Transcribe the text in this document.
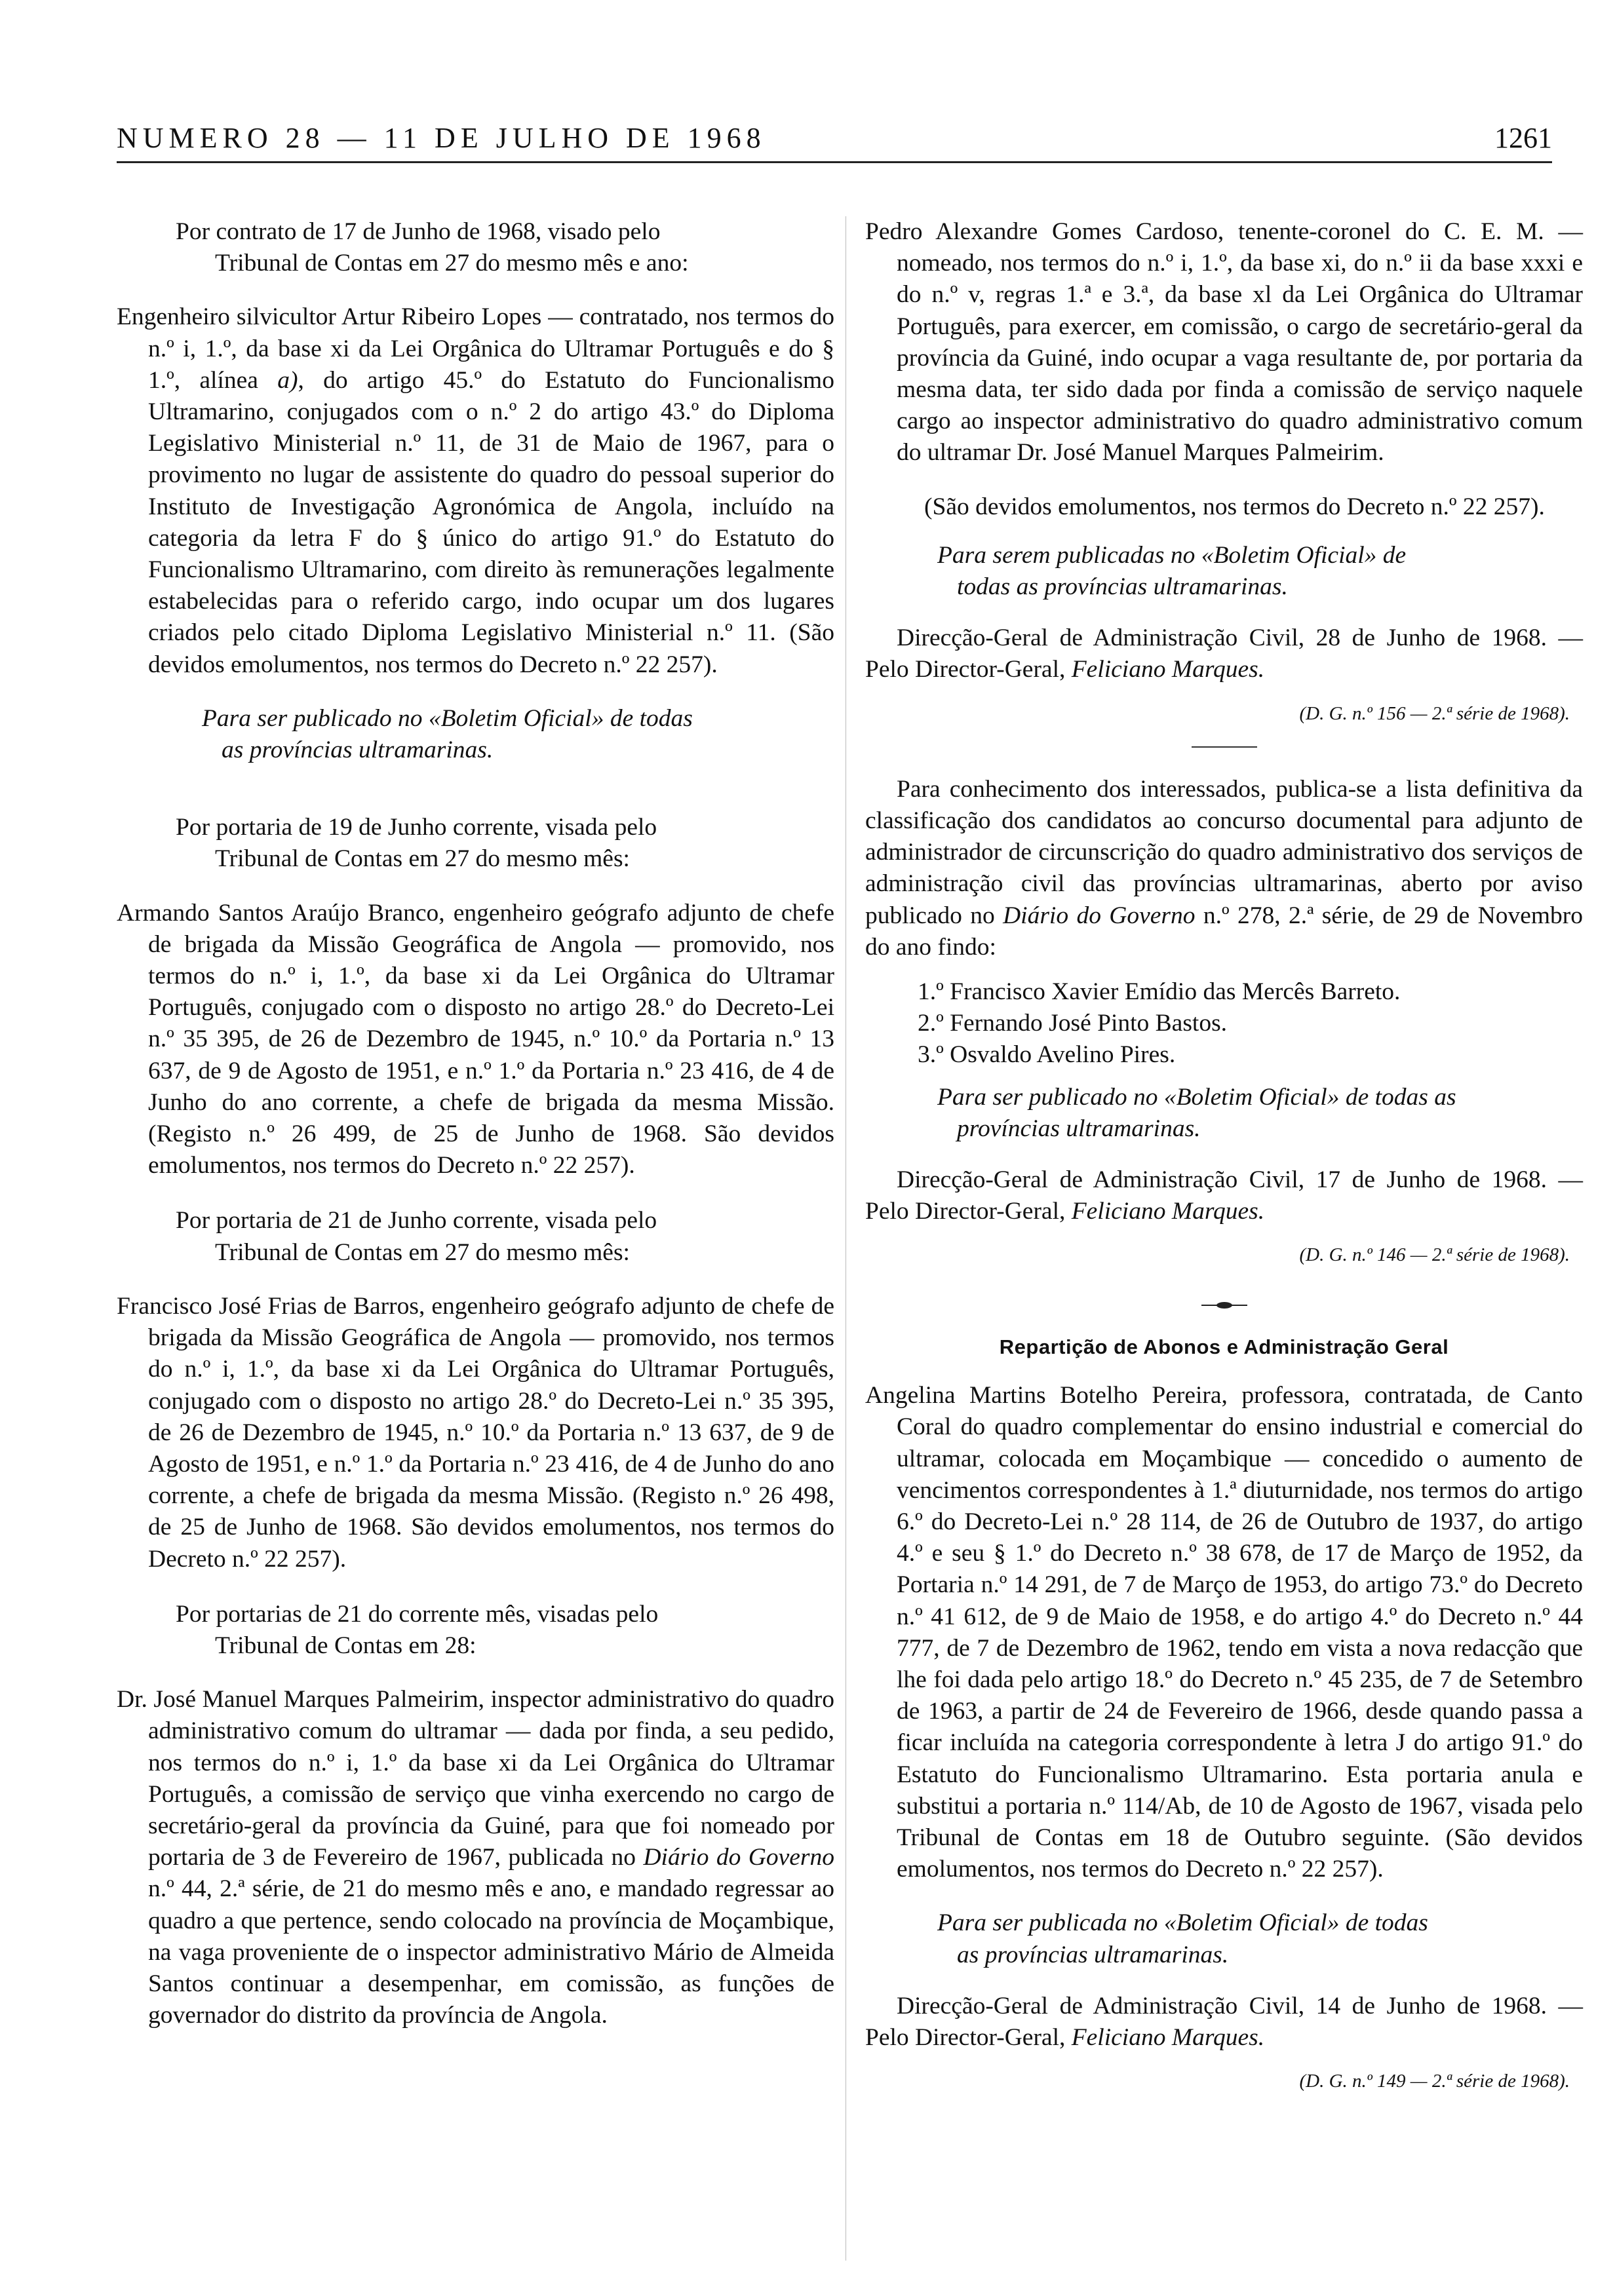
NUMERO 28 — 11 DE JULHO DE 1968	1261

Por contrato de 17 de Junho de 1968, visado pelo
Tribunal de Contas em 27 do mesmo mês e ano:

Engenheiro silvicultor Artur Ribeiro Lopes — contratado, nos termos do n.º i, 1.º, da base xi da Lei Orgânica do Ultramar Português e do § 1.º, alínea a), do artigo 45.º do Estatuto do Funcionalismo Ultramarino, conjugados com o n.º 2 do artigo 43.º do Diploma Legislativo Ministerial n.º 11, de 31 de Maio de 1967, para o provimento no lugar de assistente do quadro do pessoal superior do Instituto de Investigação Agronómica de Angola, incluído na categoria da letra F do § único do artigo 91.º do Estatuto do Funcionalismo Ultramarino, com direito às remunerações legalmente estabelecidas para o referido cargo, indo ocupar um dos lugares criados pelo citado Diploma Legislativo Ministerial n.º 11. (São devidos emolumentos, nos termos do Decreto n.º 22 257).

Para ser publicado no «Boletim Oficial» de todas
as províncias ultramarinas.

Por portaria de 19 de Junho corrente, visada pelo
Tribunal de Contas em 27 do mesmo mês:

Armando Santos Araújo Branco, engenheiro geógrafo adjunto de chefe de brigada da Missão Geográfica de Angola — promovido, nos termos do n.º i, 1.º, da base xi da Lei Orgânica do Ultramar Português, conjugado com o disposto no artigo 28.º do Decreto-Lei n.º 35 395, de 26 de Dezembro de 1945, n.º 10.º da Portaria n.º 13 637, de 9 de Agosto de 1951, e n.º 1.º da Portaria n.º 23 416, de 4 de Junho do ano corrente, a chefe de brigada da mesma Missão. (Registo n.º 26 499, de 25 de Junho de 1968. São devidos emolumentos, nos termos do Decreto n.º 22 257).

Por portaria de 21 de Junho corrente, visada pelo
Tribunal de Contas em 27 do mesmo mês:

Francisco José Frias de Barros, engenheiro geógrafo adjunto de chefe de brigada da Missão Geográfica de Angola — promovido, nos termos do n.º i, 1.º, da base xi da Lei Orgânica do Ultramar Português, conjugado com o disposto no artigo 28.º do Decreto-Lei n.º 35 395, de 26 de Dezembro de 1945, n.º 10.º da Portaria n.º 13 637, de 9 de Agosto de 1951, e n.º 1.º da Portaria n.º 23 416, de 4 de Junho do ano corrente, a chefe de brigada da mesma Missão. (Registo n.º 26 498, de 25 de Junho de 1968. São devidos emolumentos, nos termos do Decreto n.º 22 257).

Por portarias de 21 do corrente mês, visadas pelo
Tribunal de Contas em 28:

Dr. José Manuel Marques Palmeirim, inspector administrativo do quadro administrativo comum do ultramar — dada por finda, a seu pedido, nos termos do n.º i, 1.º da base xi da Lei Orgânica do Ultramar Português, a comissão de serviço que vinha exercendo no cargo de secretário-geral da província da Guiné, para que foi nomeado por portaria de 3 de Fevereiro de 1967, publicada no Diário do Governo n.º 44, 2.ª série, de 21 do mesmo mês e ano, e mandado regressar ao quadro a que pertence, sendo colocado na província de Moçambique, na vaga proveniente de o inspector administrativo Mário de Almeida Santos continuar a desempenhar, em comissão, as funções de governador do distrito da província de Angola.

Pedro Alexandre Gomes Cardoso, tenente-coronel do C. E. M. — nomeado, nos termos do n.º i, 1.º, da base xi, do n.º ii da base xxxi e do n.º v, regras 1.ª e 3.ª, da base xl da Lei Orgânica do Ultramar Português, para exercer, em comissão, o cargo de secretário-geral da província da Guiné, indo ocupar a vaga resultante de, por portaria da mesma data, ter sido dada por finda a comissão de serviço naquele cargo ao inspector administrativo do quadro administrativo comum do ultramar Dr. José Manuel Marques Palmeirim.

(São devidos emolumentos, nos termos do Decreto n.º 22 257).

Para serem publicadas no «Boletim Oficial» de
todas as províncias ultramarinas.

Direcção-Geral de Administração Civil, 28 de Junho de 1968. — Pelo Director-Geral, Feliciano Marques.

(D. G. n.º 156 — 2.ª série de 1968).

Para conhecimento dos interessados, publica-se a lista definitiva da classificação dos candidatos ao concurso documental para adjunto de administrador de circunscrição do quadro administrativo dos serviços de administração civil das províncias ultramarinas, aberto por aviso publicado no Diário do Governo n.º 278, 2.ª série, de 29 de Novembro do ano findo:

1.º Francisco Xavier Emídio das Mercês Barreto.
2.º Fernando José Pinto Bastos.
3.º Osvaldo Avelino Pires.

Para ser publicado no «Boletim Oficial» de todas as
províncias ultramarinas.

Direcção-Geral de Administração Civil, 17 de Junho de 1968. — Pelo Director-Geral, Feliciano Marques.

(D. G. n.º 146 — 2.ª série de 1968).

Repartição de Abonos e Administração Geral

Angelina Martins Botelho Pereira, professora, contratada, de Canto Coral do quadro complementar do ensino industrial e comercial do ultramar, colocada em Moçambique — concedido o aumento de vencimentos correspondentes à 1.ª diuturnidade, nos termos do artigo 6.º do Decreto-Lei n.º 28 114, de 26 de Outubro de 1937, do artigo 4.º e seu § 1.º do Decreto n.º 38 678, de 17 de Março de 1952, da Portaria n.º 14 291, de 7 de Março de 1953, do artigo 73.º do Decreto n.º 41 612, de 9 de Maio de 1958, e do artigo 4.º do Decreto n.º 44 777, de 7 de Dezembro de 1962, tendo em vista a nova redacção que lhe foi dada pelo artigo 18.º do Decreto n.º 45 235, de 7 de Setembro de 1963, a partir de 24 de Fevereiro de 1966, desde quando passa a ficar incluída na categoria correspondente à letra J do artigo 91.º do Estatuto do Funcionalismo Ultramarino. Esta portaria anula e substitui a portaria n.º 114/Ab, de 10 de Agosto de 1967, visada pelo Tribunal de Contas em 18 de Outubro seguinte. (São devidos emolumentos, nos termos do Decreto n.º 22 257).

Para ser publicada no «Boletim Oficial» de todas
as províncias ultramarinas.

Direcção-Geral de Administração Civil, 14 de Junho de 1968. — Pelo Director-Geral, Feliciano Marques.

(D. G. n.º 149 — 2.ª série de 1968).
